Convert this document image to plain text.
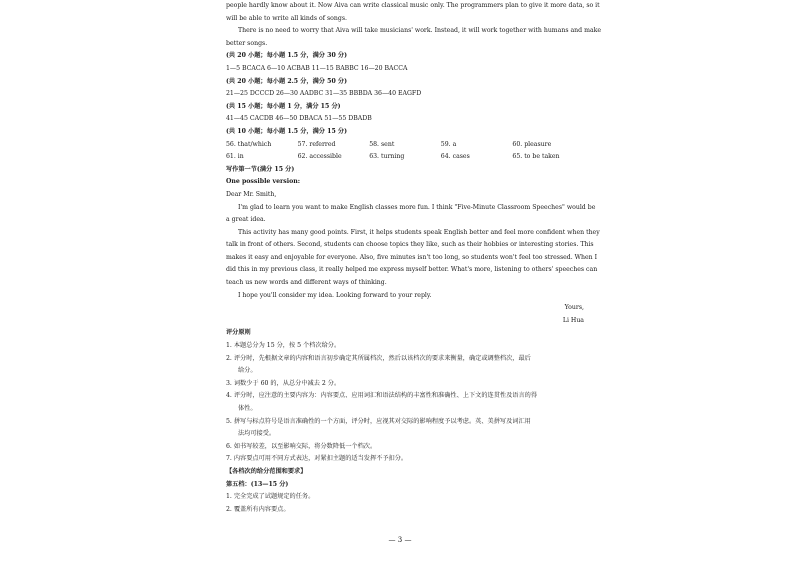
people hardly know about it. Now Aiva can write classical music only. The programmers plan to give it more data, so it

will be able to write all kinds of songs.

There is no need to worry that Aiva will take musicians' work. Instead, it will work together with humans and make

better songs.

(共 20 小题；每小题 1.5 分，满分 30 分)

1—5 BCACA 6—10 ACBAB 11—15 BABBC 16—20 BACCA

(共 20 小题；每小题 2.5 分，满分 50 分)

21—25 DCCCD 26—30 AADBC 31—35 BBBDA 36—40 EAGFD

(共 15 小题；每小题 1 分，满分 15 分)

41—45 CACDB 46—50 DBACA 51—55 DBADB

(共 10 小题；每小题 1.5 分，满分 15 分)

56. that/which	57. referred	58. sent	59. a	60. pleasure
61. in	62. accessible	63. turning	64. cases	65. to be taken

写作第一节(满分 15 分)

One possible version:

Dear Mr. Smith,

I'm glad to learn you want to make English classes more fun. I think "Five-Minute Classroom Speeches" would be

a great idea.

This activity has many good points. First, it helps students speak English better and feel more confident when they

talk in front of others. Second, students can choose topics they like, such as their hobbies or interesting stories. This

makes it easy and enjoyable for everyone. Also, five minutes isn't too long, so students won't feel too stressed. When I

did this in my previous class, it really helped me express myself better. What's more, listening to others' speeches can

teach us new words and different ways of thinking.

I hope you'll consider my idea. Looking forward to your reply.

Yours,

Li Hua

评分原则

1. 本题总分为 15 分，按 5 个档次给分。

2. 评分时，先根据文章的内容和语言初步确定其所属档次，然后以该档次的要求来衡量，确定或调整档次，最后

给分。

3. 词数少于 60 的，从总分中减去 2 分。

4. 评分时，应注意的主要内容为：内容要点、应用词汇和语法结构的丰富性和准确性、上下文的连贯性及语言的得

体性。

5. 拼写与标点符号是语言准确性的一个方面，评分时，应视其对交际的影响程度予以考虑。英、美拼写及词汇用

法均可接受。

6. 如书写较差，以至影响交际，将分数降低一个档次。

7. 内容要点可用不同方式表达，对紧扣主题的适当发挥不予扣分。

【各档次的给分范围和要求】

第五档：(13—15 分)

1. 完全完成了试题规定的任务。

2. 覆盖所有内容要点。

— 3 —
